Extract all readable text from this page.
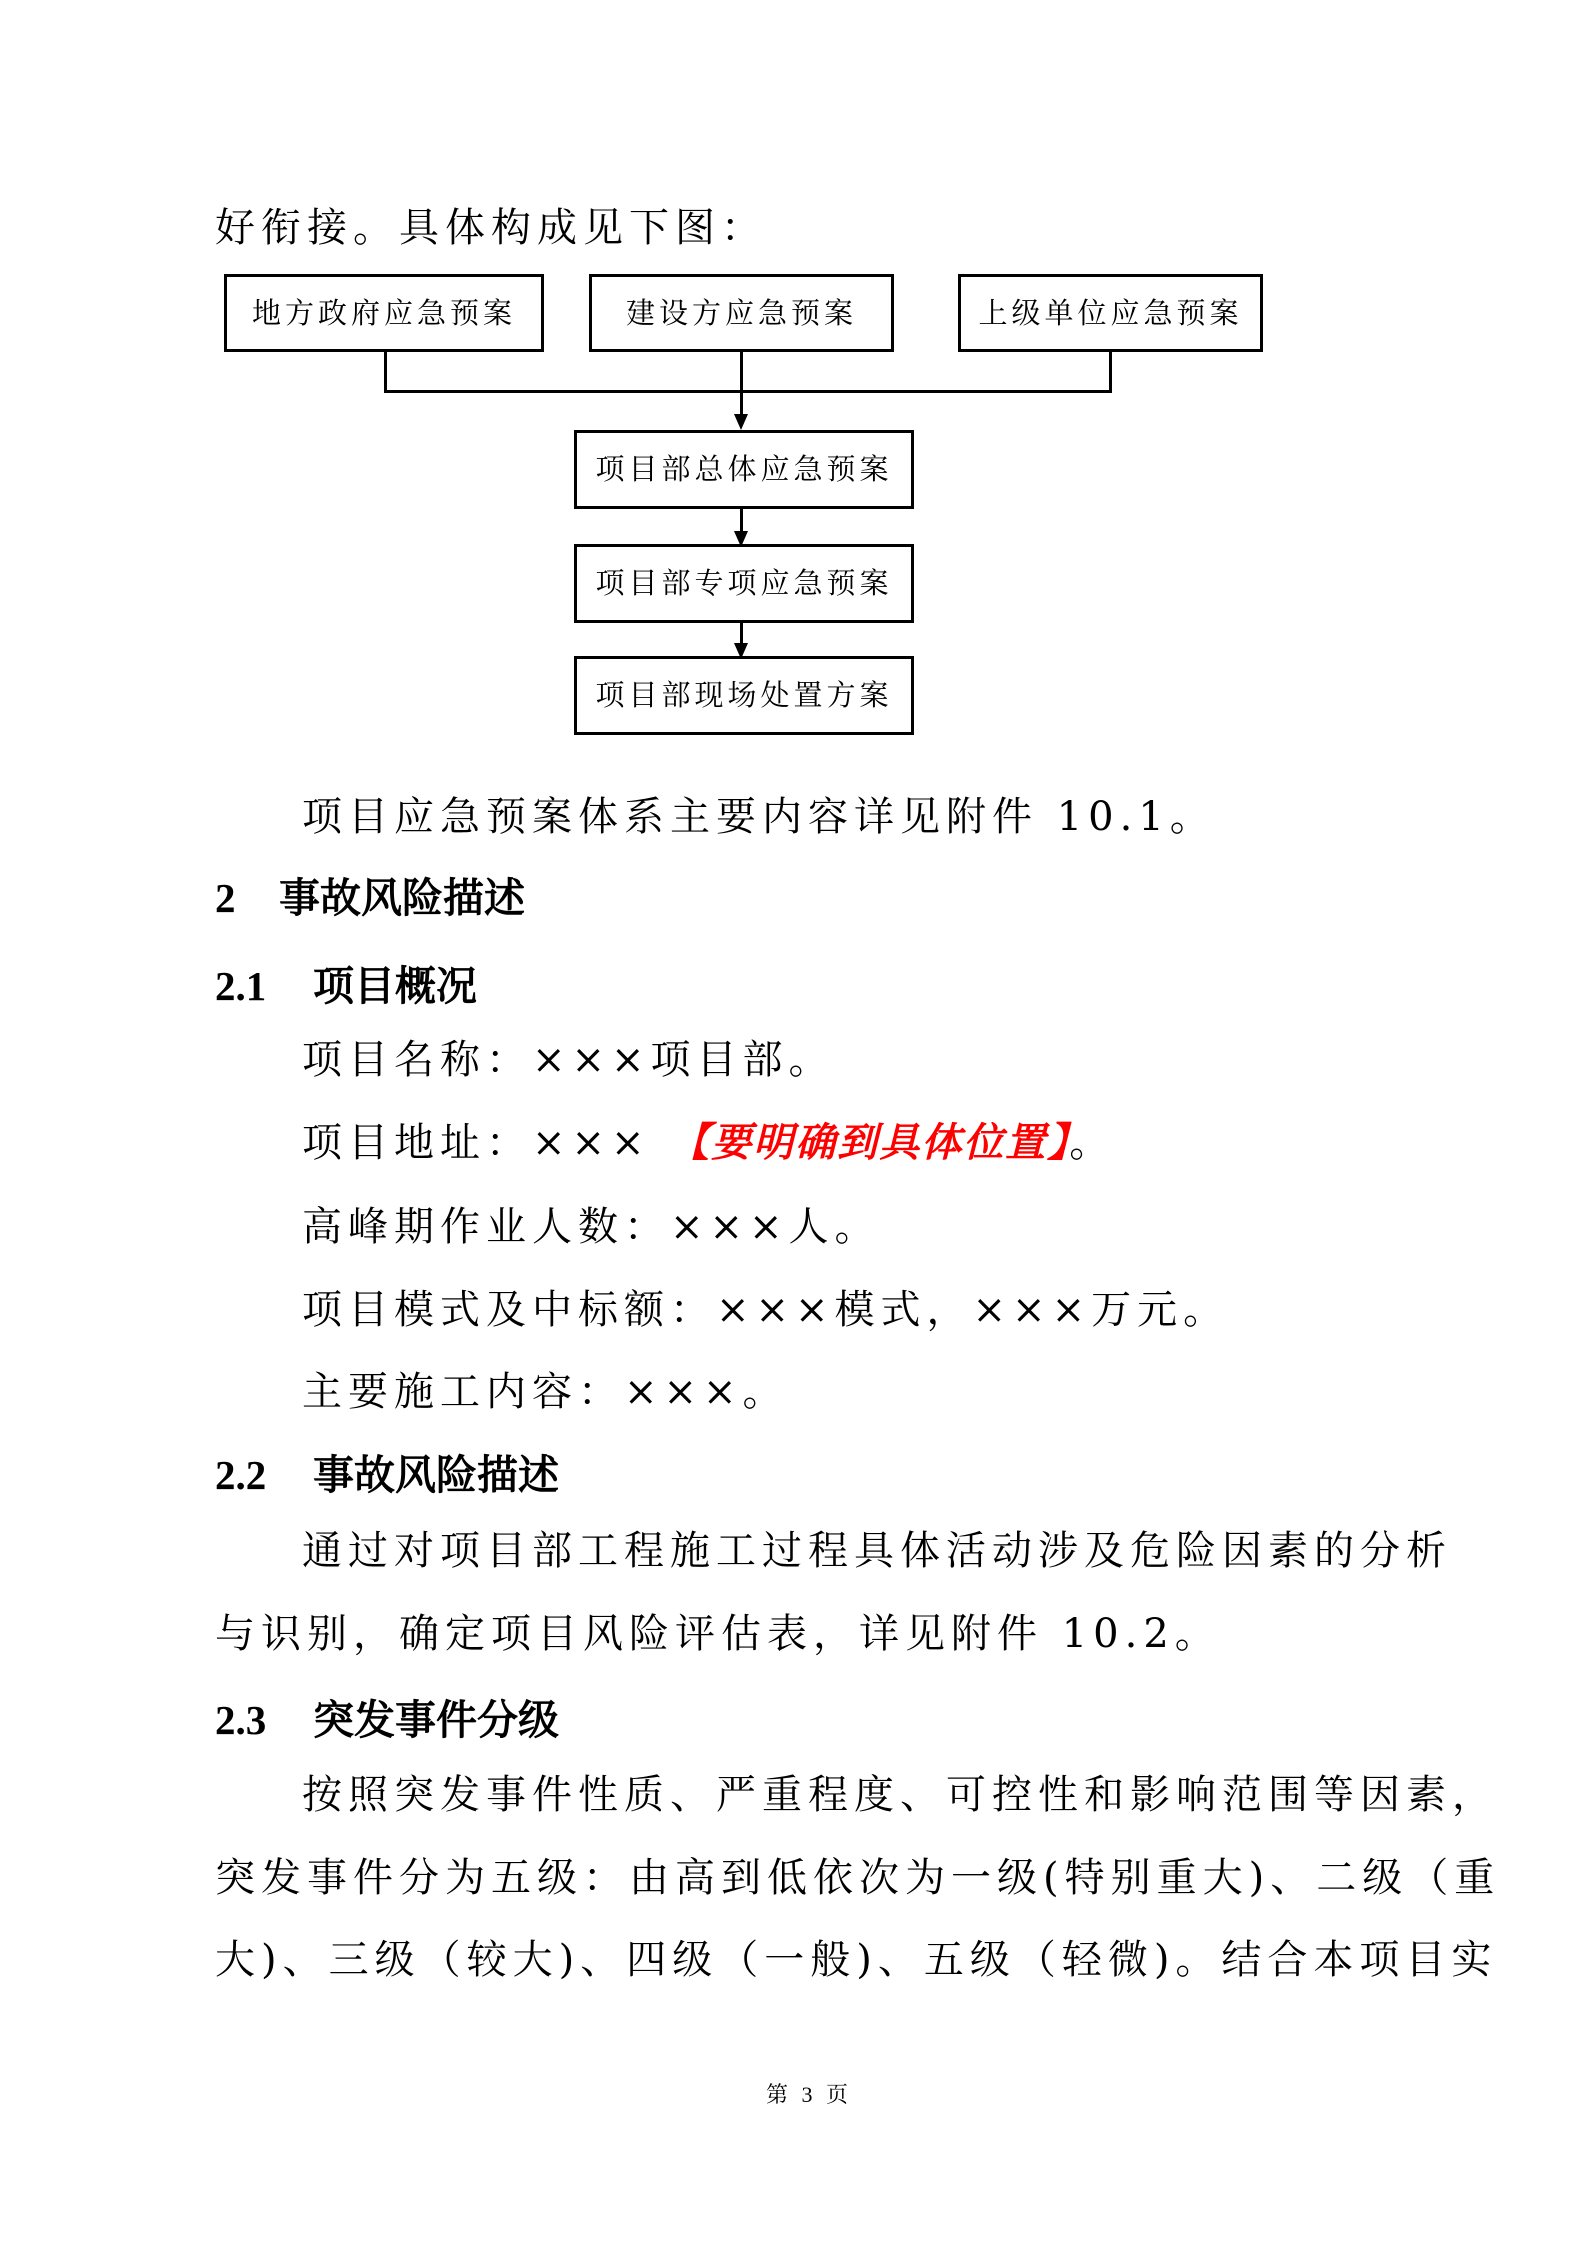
好衔接。具体构成见下图：
地方政府应急预案	建设方应急预案	上级单位应急预案
项目部总体应急预案
项目部专项应急预案
项目部现场处置方案
项目应急预案体系主要内容详见附件 10.1。
2 事故风险描述
2.1 项目概况
项目名称：×××项目部。
项目地址：××× 【要明确到具体位置】。
高峰期作业人数：×××人。
项目模式及中标额：×××模式，×××万元。
主要施工内容：×××。
2.2 事故风险描述
通过对项目部工程施工过程具体活动涉及危险因素的分析
与识别，确定项目风险评估表，详见附件 10.2。
2.3 突发事件分级
按照突发事件性质、严重程度、可控性和影响范围等因素，
突发事件分为五级：由高到低依次为一级(特别重大)、二级（重
大)、三级（较大)、四级（一般)、五级（轻微)。结合本项目实
第 3 页
